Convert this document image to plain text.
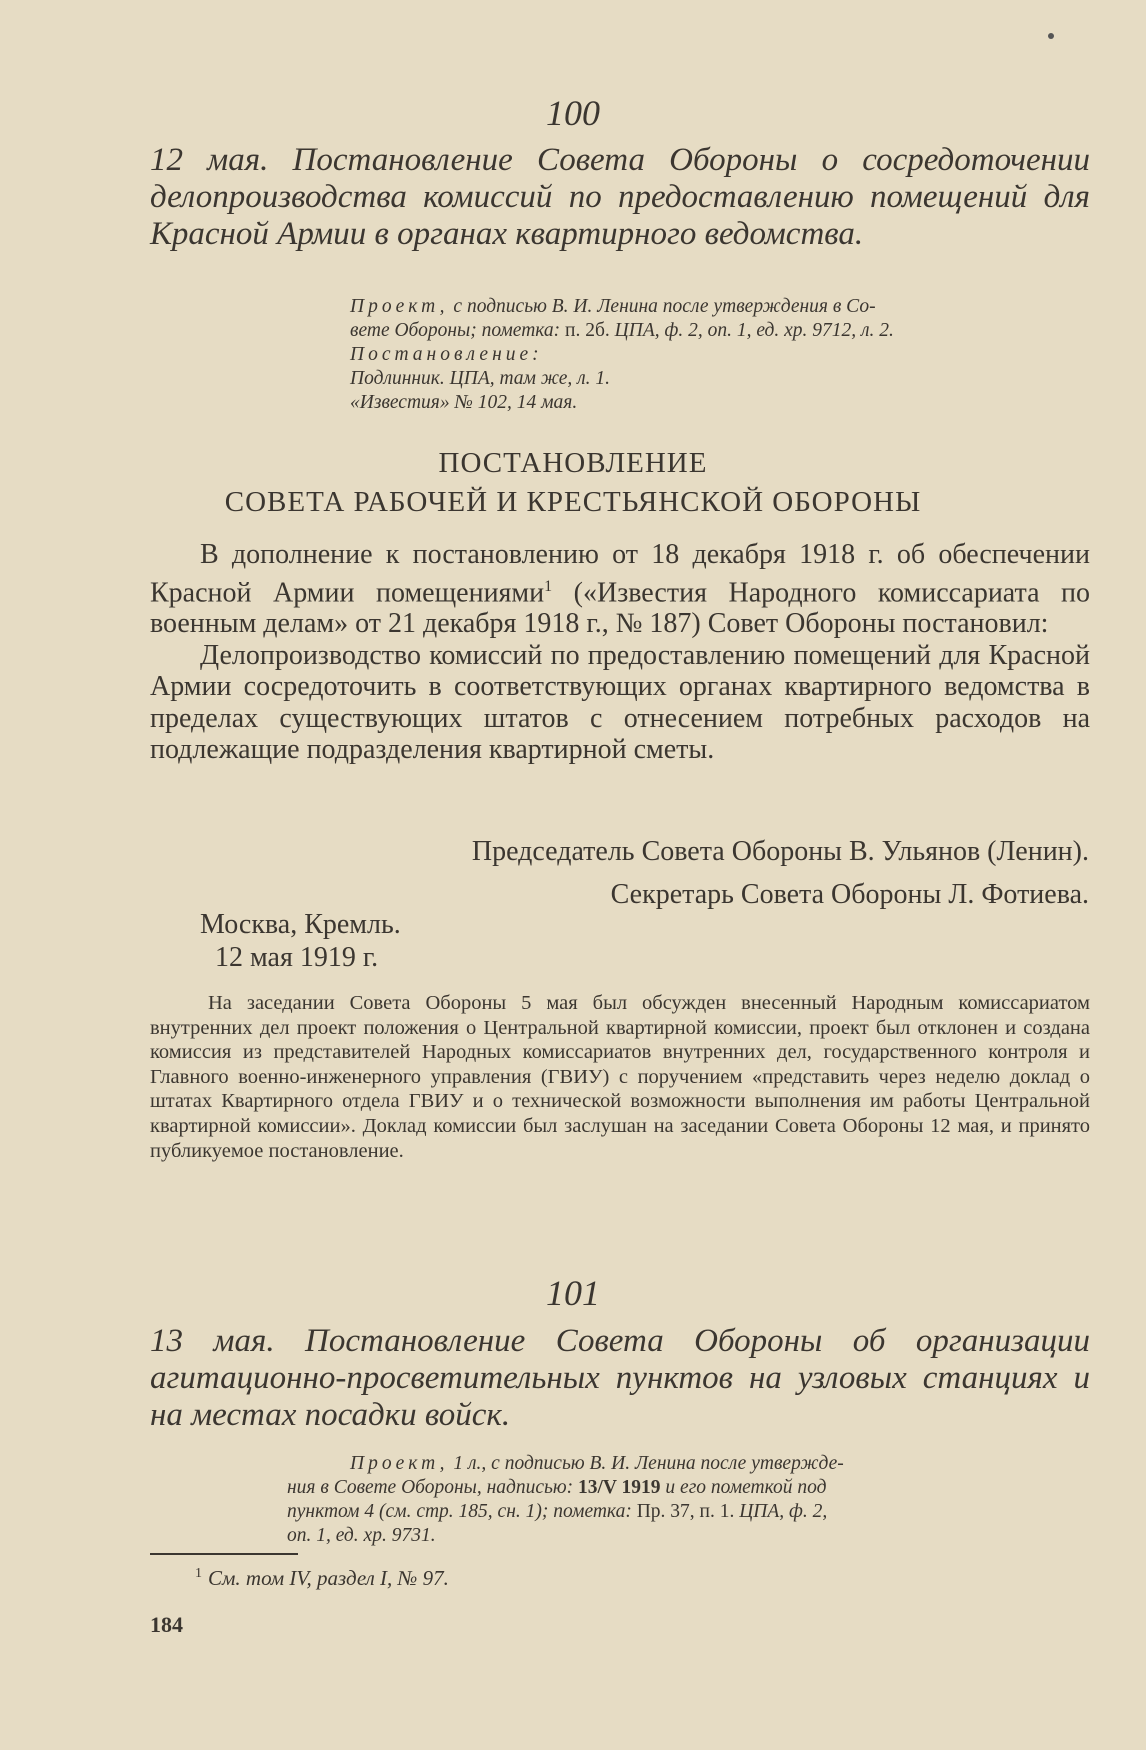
100

12 мая. Постановление Совета Обороны о сосредоточении делопроизводства комиссий по предоставлению помещений для Красной Армии в органах квартирного ведомства.

Проект, с подписью В. И. Ленина после утверждения в Со-
вете Обороны; пометка: п. 2б. ЦПА, ф. 2, оп. 1, ед. хр. 9712, л. 2.
Постановление:
Подлинник. ЦПА, там же, л. 1.
«Известия» № 102, 14 мая.
ПОСТАНОВЛЕНИЕ
СОВЕТА РАБОЧЕЙ И КРЕСТЬЯНСКОЙ ОБОРОНЫ

В дополнение к постановлению от 18 декабря 1918 г. об обеспечении Красной Армии помещениями$^1$ («Известия Народного комиссариата по военным делам» от 21 декабря 1918 г., № 187) Совет Обороны постановил:

Делопроизводство комиссий по предоставлению помещений для Красной Армии сосредоточить в соответствующих органах квартирного ведомства в пределах существующих штатов с отнесением потребных расходов на подлежащие подразделения квартирной сметы.

Председатель Совета Обороны В. Ульянов (Ленин).
Секретарь Совета Обороны Л. Фотиева.
Москва, Кремль.
12 мая 1919 г.

На заседании Совета Обороны 5 мая был обсужден внесенный Народным комиссариатом внутренних дел проект положения о Центральной квартирной комиссии, проект был отклонен и создана комиссия из представителей Народных комиссариатов внутренних дел, государственного контроля и Главного военно-инженерного управления (ГВИУ) с поручением «представить через неделю доклад о штатах Квартирного отдела ГВИУ и о технической возможности выполнения им работы Центральной квартирной комиссии». Доклад комиссии был заслушан на заседании Совета Обороны 12 мая, и принято публикуемое постановление.

101

13 мая. Постановление Совета Обороны об организации агитационно-просветительных пунктов на узловых станциях и на местах посадки войск.

Проект, 1 л., с подписью В. И. Ленина после утвержде-
ния в Совете Обороны, надписью: 13/V 1919 и его пометкой под
пунктом 4 (см. стр. 185, сн. 1); пометка: Пр. 37, п. 1. ЦПА, ф. 2,
оп. 1, ед. хр. 9731.
$^1$ См. том IV, раздел I, № 97.
184
